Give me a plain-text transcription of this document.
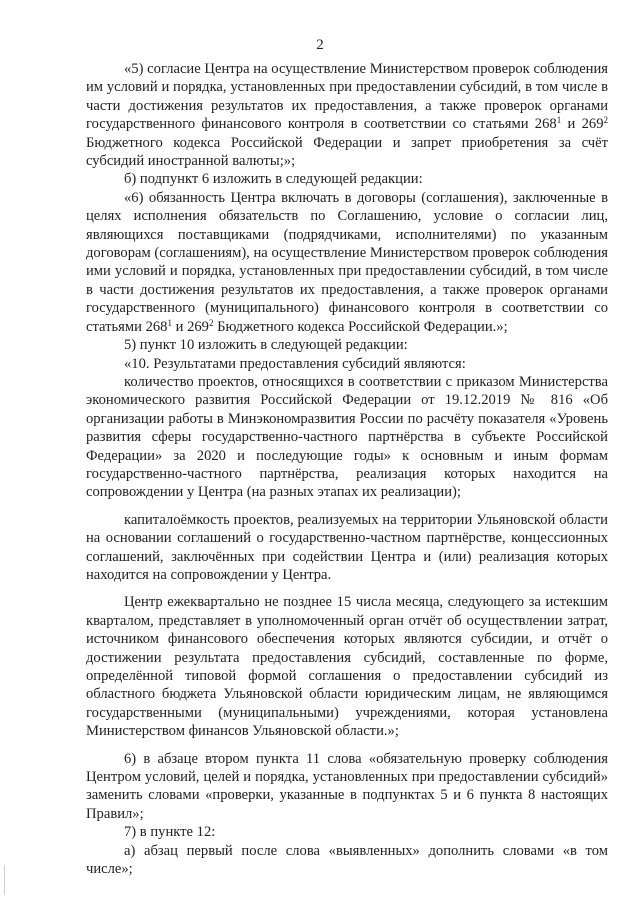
2

«5) согласие Центра на осуществление Министерством проверок соблюдения им условий и порядка, установленных при предоставлении субсидий, в том числе в части достижения результатов их предоставления, а также проверок органами государственного финансового контроля в соответствии со статьями $268^1$ и $269^2$ Бюджетного кодекса Российской Федерации и запрет приобретения за счёт субсидий иностранной валюты;»;

б) подпункт 6 изложить в следующей редакции:

«6) обязанность Центра включать в договоры (соглашения), заключенные в целях исполнения обязательств по Соглашению, условие о согласии лиц, являющихся поставщиками (подрядчиками, исполнителями) по указанным договорам (соглашениям), на осуществление Министерством проверок соблюдения ими условий и порядка, установленных при предоставлении субсидий, в том числе в части достижения результатов их предоставления, а также проверок органами государственного (муниципального) финансового контроля в соответствии со статьями $268^1$ и $269^2$ Бюджетного кодекса Российской Федерации.»;

5) пункт 10 изложить в следующей редакции:

«10. Результатами предоставления субсидий являются:

количество проектов, относящихся в соответствии с приказом Министерства экономического развития Российской Федерации от 19.12.2019 № 816 «Об организации работы в Минэкономразвития России по расчёту показателя «Уровень развития сферы государственно-частного партнёрства в субъекте Российской Федерации» за 2020 и последующие годы» к основным и иным формам государственно-частного партнёрства, реализация которых находится на сопровождении у Центра (на разных этапах их реализации);

капиталоёмкость проектов, реализуемых на территории Ульяновской области на основании соглашений о государственно-частном партнёрстве, концессионных соглашений, заключённых при содействии Центра и (или) реализация которых находится на сопровождении у Центра.

Центр ежеквартально не позднее 15 числа месяца, следующего за истекшим кварталом, представляет в уполномоченный орган отчёт об осуществлении затрат, источником финансового обеспечения которых являются субсидии, и отчёт о достижении результата предоставления субсидий, составленные по форме, определённой типовой формой соглашения о предоставлении субсидий из областного бюджета Ульяновской области юридическим лицам, не являющимся государственными (муниципальными) учреждениями, которая установлена Министерством финансов Ульяновской области.»;

6) в абзаце втором пункта 11 слова «обязательную проверку соблюдения Центром условий, целей и порядка, установленных при предоставлении субсидий» заменить словами «проверки, указанные в подпунктах 5 и 6 пункта 8 настоящих Правил»;

7) в пункте 12:

а) абзац первый после слова «выявленных» дополнить словами «в том числе»;
